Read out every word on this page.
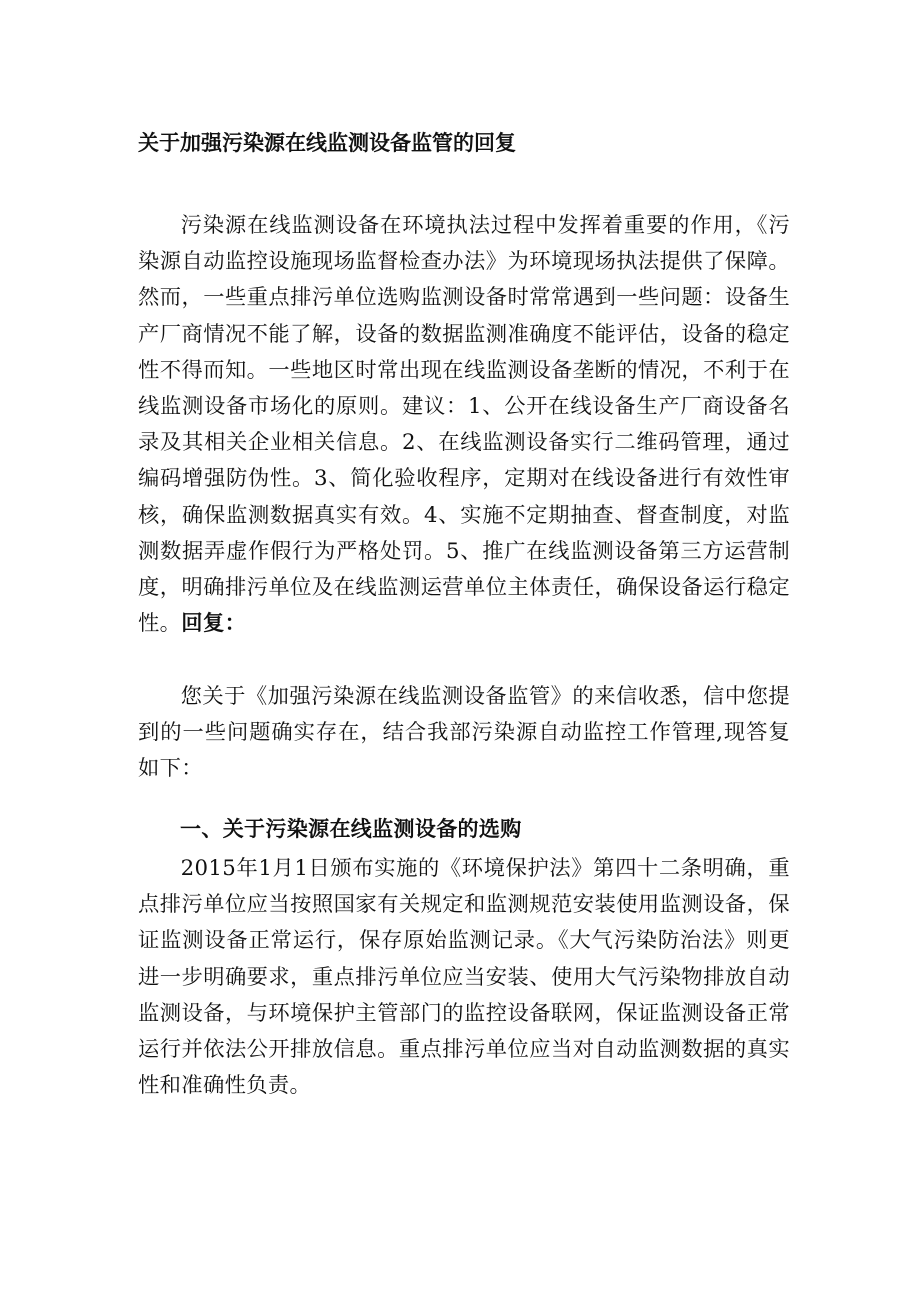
关于加强污染源在线监测设备监管的回复

污染源在线监测设备在环境执法过程中发挥着重要的作用，《污染源自动监控设施现场监督检查办法》为环境现场执法提供了保障。然而，一些重点排污单位选购监测设备时常常遇到一些问题：设备生产厂商情况不能了解，设备的数据监测准确度不能评估，设备的稳定性不得而知。一些地区时常出现在线监测设备垄断的情况，不利于在线监测设备市场化的原则。建议：1、公开在线设备生产厂商设备名录及其相关企业相关信息。2、在线监测设备实行二维码管理，通过编码增强防伪性。3、简化验收程序，定期对在线设备进行有效性审核，确保监测数据真实有效。4、实施不定期抽查、督查制度，对监测数据弄虚作假行为严格处罚。5、推广在线监测设备第三方运营制度，明确排污单位及在线监测运营单位主体责任，确保设备运行稳定性。回复：

您关于《加强污染源在线监测设备监管》的来信收悉，信中您提到的一些问题确实存在，结合我部污染源自动监控工作管理,现答复如下：

一、关于污染源在线监测设备的选购

2015年1月1日颁布实施的《环境保护法》第四十二条明确，重点排污单位应当按照国家有关规定和监测规范安装使用监测设备，保证监测设备正常运行，保存原始监测记录。《大气污染防治法》则更进一步明确要求，重点排污单位应当安装、使用大气污染物排放自动监测设备，与环境保护主管部门的监控设备联网，保证监测设备正常运行并依法公开排放信息。重点排污单位应当对自动监测数据的真实性和准确性负责。
